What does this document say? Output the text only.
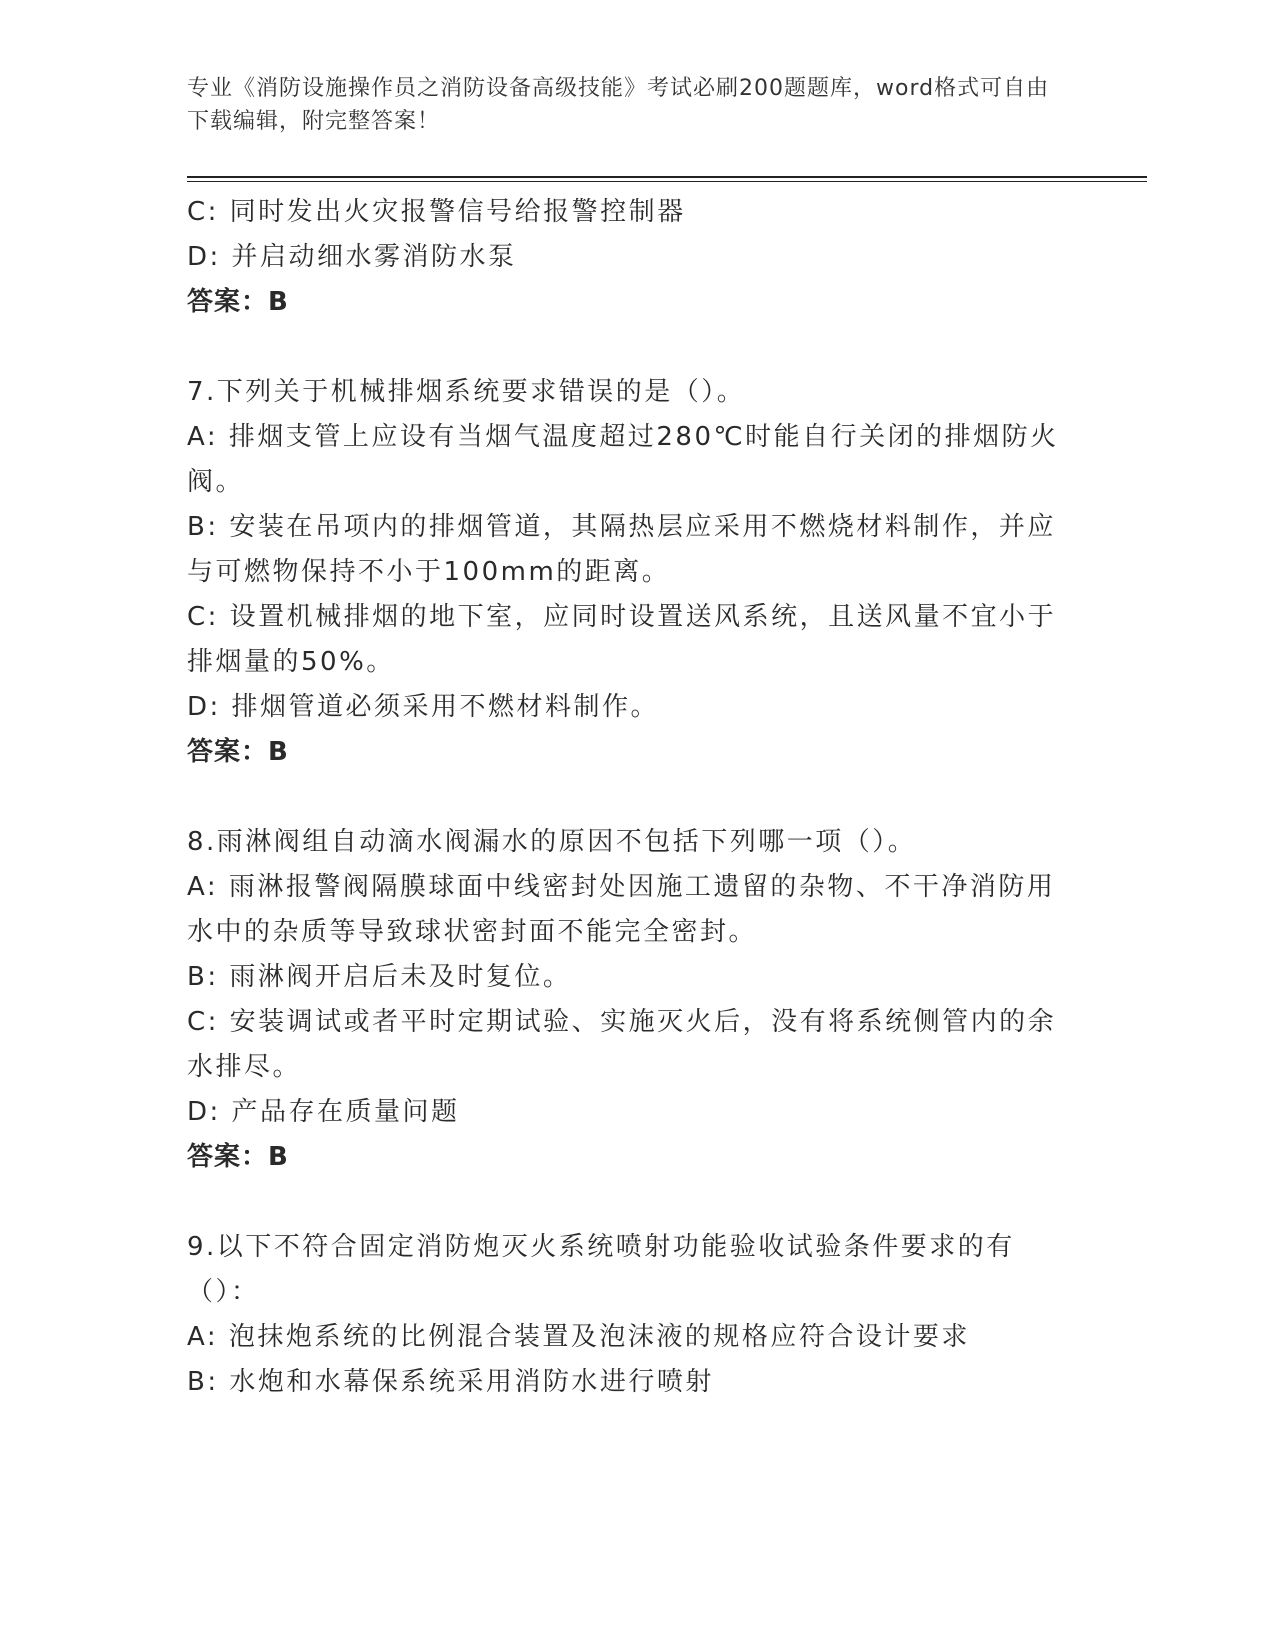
专业《消防设施操作员之消防设备高级技能》考试必刷200题题库，word格式可自由下载编辑，附完整答案！

C: 同时发出火灾报警信号给报警控制器

D: 并启动细水雾消防水泵

答案：B

7.下列关于机械排烟系统要求错误的是（）。

A: 排烟支管上应设有当烟气温度超过280℃时能自行关闭的排烟防火阀。

B: 安装在吊项内的排烟管道，其隔热层应采用不燃烧材料制作，并应与可燃物保持不小于100mm的距离。

C: 设置机械排烟的地下室，应同时设置送风系统，且送风量不宜小于排烟量的50%。

D: 排烟管道必须采用不燃材料制作。

答案：B

8.雨淋阀组自动滴水阀漏水的原因不包括下列哪一项（）。

A: 雨淋报警阀隔膜球面中线密封处因施工遗留的杂物、不干净消防用水中的杂质等导致球状密封面不能完全密封。

B: 雨淋阀开启后未及时复位。

C: 安装调试或者平时定期试验、实施灭火后，没有将系统侧管内的余水排尽。

D: 产品存在质量问题

答案：B

9.以下不符合固定消防炮灭火系统喷射功能验收试验条件要求的有（）：

A: 泡抹炮系统的比例混合装置及泡沫液的规格应符合设计要求

B: 水炮和水幕保系统采用消防水进行喷射
